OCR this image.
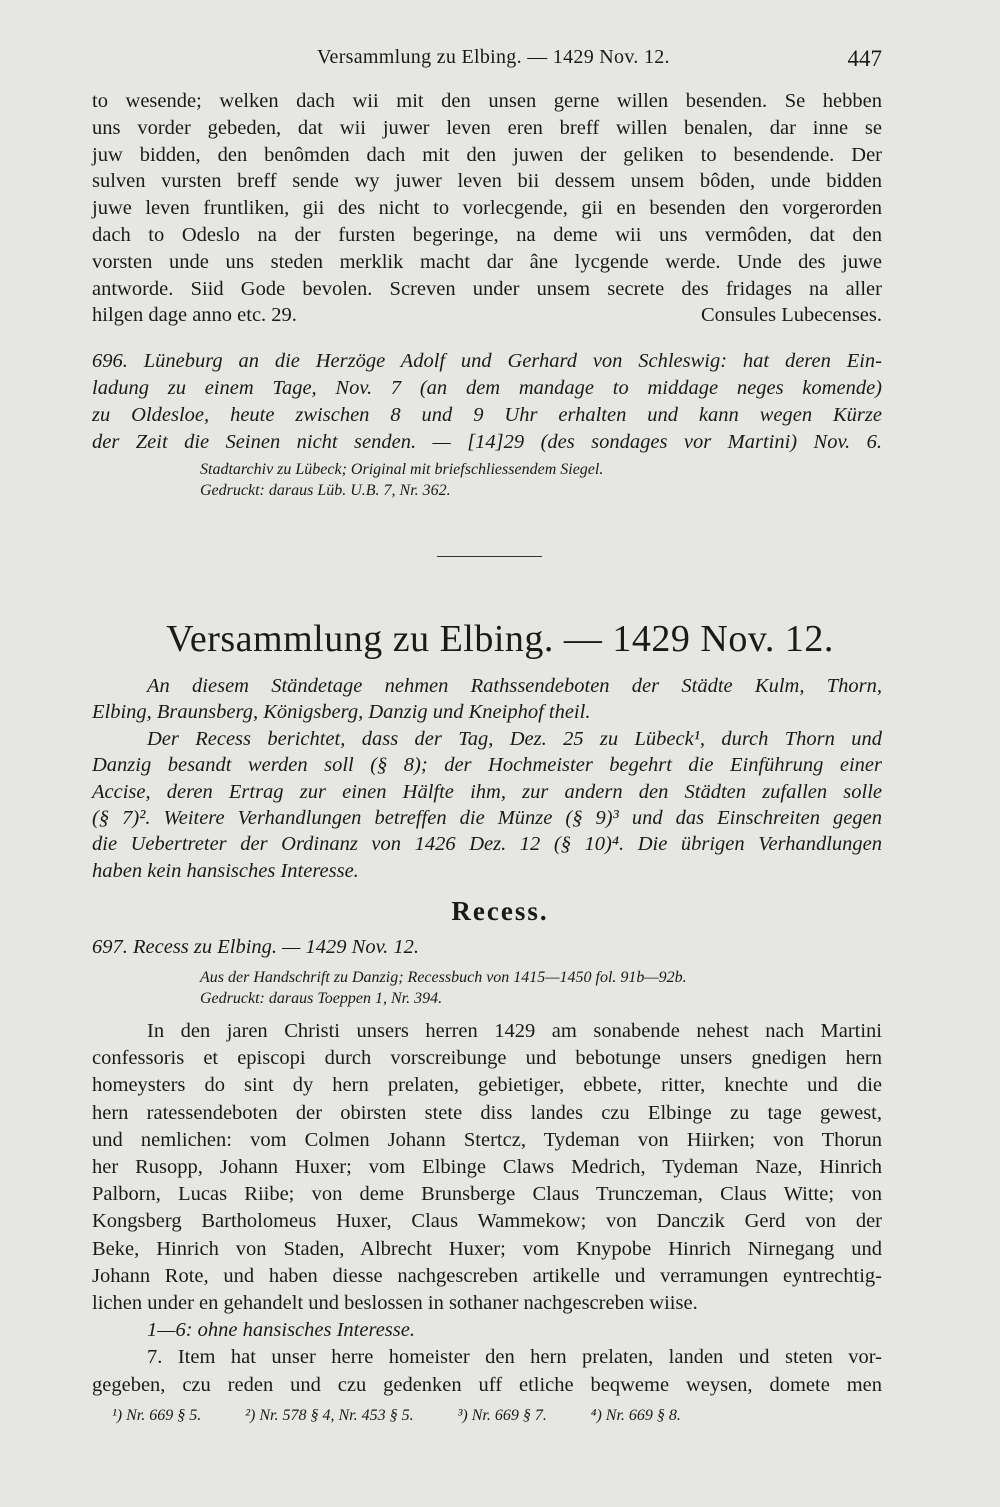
Versammlung zu Elbing. — 1429 Nov. 12.	447
to wesende; welken dach wii mit den unsen gerne willen besenden. Se hebben
uns vorder gebeden, dat wii juwer leven eren breff willen benalen, dar inne se
juw bidden, den benômden dach mit den juwen der geliken to besendende. Der
sulven vursten breff sende wy juwer leven bii dessem unsem bôden, unde bidden
juwe leven fruntliken, gii des nicht to vorlecgende, gii en besenden den vorgerorden
dach to Odeslo na der fursten begeringe, na deme wii uns vermôden, dat den
vorsten unde uns steden merklik macht dar âne lycgende werde. Unde des juwe
antworde. Siid Gode bevolen. Screven under unsem secrete des fridages na aller
hilgen dage anno etc. 29.	Consules Lubecenses.
696. Lüneburg an die Herzöge Adolf und Gerhard von Schleswig: hat deren Ein-
ladung zu einem Tage, Nov. 7 (an dem mandage to middage neges komende)
zu Oldesloe, heute zwischen 8 und 9 Uhr erhalten und kann wegen Kürze
der Zeit die Seinen nicht senden. — [14]29 (des sondages vor Martini) Nov. 6.
Stadtarchiv zu Lübeck; Original mit briefschliessendem Siegel.
Gedruckt: daraus Lüb. U.B. 7, Nr. 362.
Versammlung zu Elbing. — 1429 Nov. 12.
An diesem Ständetage nehmen Rathssendeboten der Städte Kulm, Thorn,
Elbing, Braunsberg, Königsberg, Danzig und Kneiphof theil.
Der Recess berichtet, dass der Tag, Dez. 25 zu Lübeck¹, durch Thorn und
Danzig besandt werden soll (§ 8); der Hochmeister begehrt die Einführung einer
Accise, deren Ertrag zur einen Hälfte ihm, zur andern den Städten zufallen solle
(§ 7)². Weitere Verhandlungen betreffen die Münze (§ 9)³ und das Einschreiten gegen
die Uebertreter der Ordinanz von 1426 Dez. 12 (§ 10)⁴. Die übrigen Verhandlungen
haben kein hansisches Interesse.
Recess.
697. Recess zu Elbing. — 1429 Nov. 12.
Aus der Handschrift zu Danzig; Recessbuch von 1415—1450 fol. 91b—92b.
Gedruckt: daraus Toeppen 1, Nr. 394.
In den jaren Christi unsers herren 1429 am sonabende nehest nach Martini
confessoris et episcopi durch vorscreibunge und bebotunge unsers gnedigen hern
homeysters do sint dy hern prelaten, gebietiger, ebbete, ritter, knechte und die
hern ratessendeboten der obirsten stete diss landes czu Elbinge zu tage gewest,
und nemlichen: vom Colmen Johann Stertcz, Tydeman von Hiirken; von Thorun
her Rusopp, Johann Huxer; vom Elbinge Claws Medrich, Tydeman Naze, Hinrich
Palborn, Lucas Riibe; von deme Brunsberge Claus Trunczeman, Claus Witte; von
Kongsberg Bartholomeus Huxer, Claus Wammekow; von Danczik Gerd von der
Beke, Hinrich von Staden, Albrecht Huxer; vom Knypobe Hinrich Nirnegang und
Johann Rote, und haben diesse nachgescreben artikelle und verramungen eyntrechtig-
lichen under en gehandelt und beslossen in sothaner nachgescreben wiise.
1—6: ohne hansisches Interesse.
7. Item hat unser herre homeister den hern prelaten, landen und steten vor-
gegeben, czu reden und czu gedenken uff etliche beqweme weysen, domete men
¹) Nr. 669 § 5.	²) Nr. 578 § 4, Nr. 453 § 5.	³) Nr. 669 § 7.	⁴) Nr. 669 § 8.
